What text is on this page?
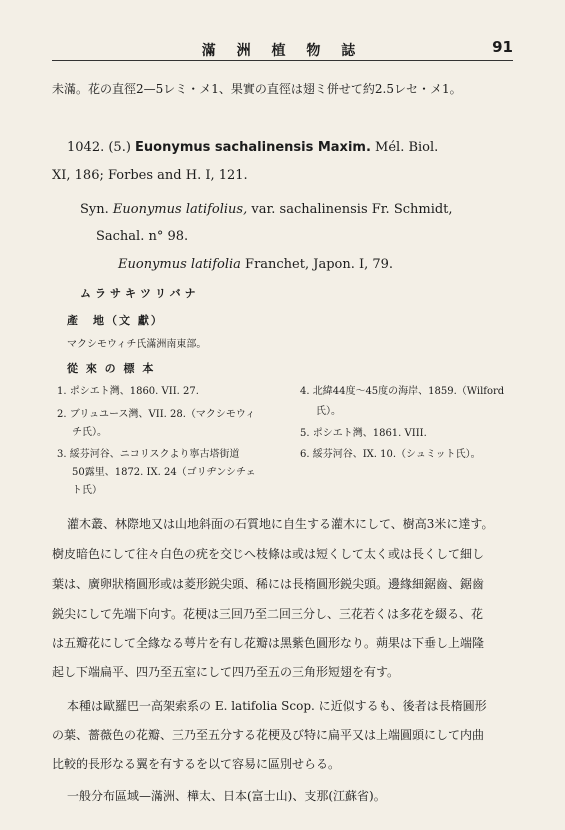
滿 洲 植 物 誌	91
未滿。花の直徑2—5レミ・メ1、果實の直徑は翅ミ併せて約2.5レセ・メ1。
1042. (5.) Euonymus sachalinensis Maxim. Mél. Biol.
XI, 186; Forbes and H. I, 121.
Syn. Euonymus latifolius, var. sachalinensis Fr. Schmidt,
Sachal. n° 98.
Euonymus latifolia Franchet, Japon. I, 79.
ムラサキツリバナ
產　地（文 獻）
マクシモウィチ氏滿洲南東部。
從 來 の 標 本
1. ポシエト灣、1860. VII. 27.
2. ブリュユース灣、VII. 28.（マクシモウィ
チ氏）。
3. 綏芬河谷、ニコリスクより寧古塔街道
50露里、1872. IX. 24（ゴリヂンシチェ
ト氏）
4. 北緯44度～45度の海岸、1859.（Wilford
氏）。
5. ポシエト灣、1861. VIII.
6. 綏芬河谷、IX. 10.（シュミット氏）。
灌木叢、林際地又は山地斜面の石質地に自生する灌木にして、樹高3米に達す。
樹皮暗色にして往々白色の疣を交じへ枝條は或は短くして太く或は長くして細し
葉は、廣卵狀楕圓形或は菱形鋭尖頭、稀には長楕圓形鋭尖頭。邊緣細鋸齒、鋸齒
鋭尖にして先端下向す。花梗は三回乃至二回三分し、三花若くは多花を綴る、花
は五瓣花にして全緣なる萼片を有し花瓣は黑紫色圓形なり。蒴果は下垂し上端隆
起し下端扁平、四乃至五室にして四乃至五の三角形短翅を有す。
本種は歐羅巴一高架索系の E. latifolia Scop. に近似するも、後者は長楕圓形
の葉、薔薇色の花瓣、三乃至五分する花梗及び特に扁平又は上端圓頭にして内曲
比較的長形なる翼を有するを以て容易に區別せらる。
一般分布區域—滿洲、樺太、日本(富士山)、支那(江蘇省)。
